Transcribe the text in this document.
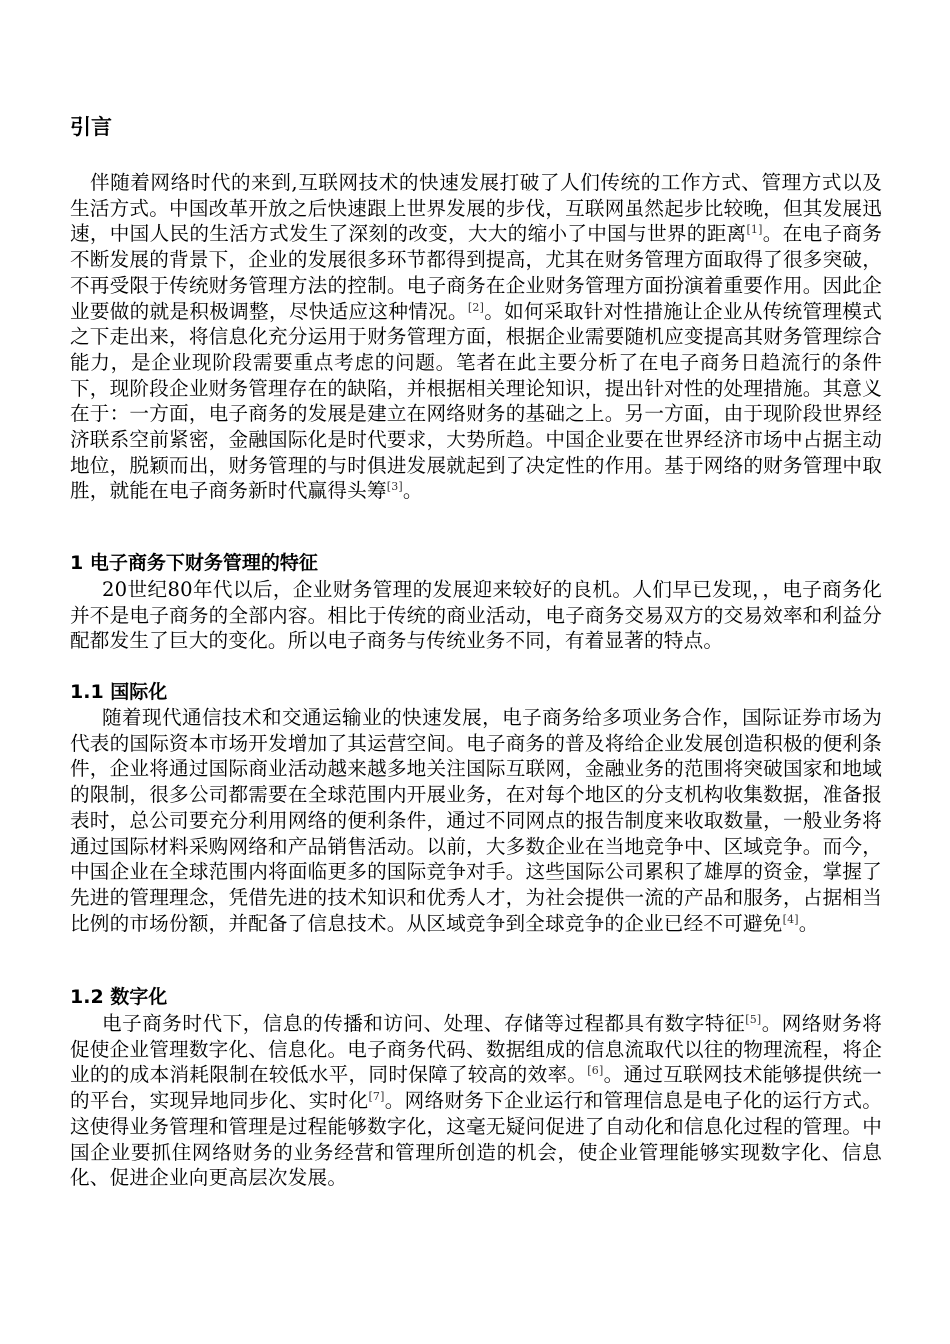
引言

伴随着网络时代的来到,互联网技术的快速发展打破了人们传统的工作方式、管理方式以及生活方式。中国改革开放之后快速跟上世界发展的步伐，互联网虽然起步比较晚，但其发展迅速，中国人民的生活方式发生了深刻的改变，大大的缩小了中国与世界的距离[1]。在电子商务不断发展的背景下，企业的发展很多环节都得到提高，尤其在财务管理方面取得了很多突破，不再受限于传统财务管理方法的控制。电子商务在企业财务管理方面扮演着重要作用。因此企业要做的就是积极调整，尽快适应这种情况。[2]。如何采取针对性措施让企业从传统管理模式之下走出来，将信息化充分运用于财务管理方面，根据企业需要随机应变提高其财务管理综合能力，是企业现阶段需要重点考虑的问题。笔者在此主要分析了在电子商务日趋流行的条件下，现阶段企业财务管理存在的缺陷，并根据相关理论知识，提出针对性的处理措施。其意义在于：一方面，电子商务的发展是建立在网络财务的基础之上。另一方面，由于现阶段世界经济联系空前紧密，金融国际化是时代要求，大势所趋。中国企业要在世界经济市场中占据主动地位，脱颖而出，财务管理的与时俱进发展就起到了决定性的作用。基于网络的财务管理中取胜，就能在电子商务新时代赢得头筹[3]。

1 电子商务下财务管理的特征

20世纪80年代以后，企业财务管理的发展迎来较好的良机。人们早已发现，，电子商务化并不是电子商务的全部内容。相比于传统的商业活动，电子商务交易双方的交易效率和利益分配都发生了巨大的变化。所以电子商务与传统业务不同，有着显著的特点。

1.1 国际化

随着现代通信技术和交通运输业的快速发展，电子商务给多项业务合作，国际证券市场为代表的国际资本市场开发增加了其运营空间。电子商务的普及将给企业发展创造积极的便利条件，企业将通过国际商业活动越来越多地关注国际互联网，金融业务的范围将突破国家和地域的限制，很多公司都需要在全球范围内开展业务，在对每个地区的分支机构收集数据，准备报表时，总公司要充分利用网络的便利条件，通过不同网点的报告制度来收取数量，一般业务将通过国际材料采购网络和产品销售活动。以前，大多数企业在当地竞争中、区域竞争。而今，中国企业在全球范围内将面临更多的国际竞争对手。这些国际公司累积了雄厚的资金，掌握了先进的管理理念，凭借先进的技术知识和优秀人才，为社会提供一流的产品和服务，占据相当比例的市场份额，并配备了信息技术。从区域竞争到全球竞争的企业已经不可避免[4]。

1.2 数字化

电子商务时代下，信息的传播和访问、处理、存储等过程都具有数字特征[5]。网络财务将促使企业管理数字化、信息化。电子商务代码、数据组成的信息流取代以往的物理流程，将企业的的成本消耗限制在较低水平，同时保障了较高的效率。[6]。通过互联网技术能够提供统一的平台，实现异地同步化、实时化[7]。网络财务下企业运行和管理信息是电子化的运行方式。这使得业务管理和管理是过程能够数字化，这毫无疑问促进了自动化和信息化过程的管理。中国企业要抓住网络财务的业务经营和管理所创造的机会，使企业管理能够实现数字化、信息化、促进企业向更高层次发展。
